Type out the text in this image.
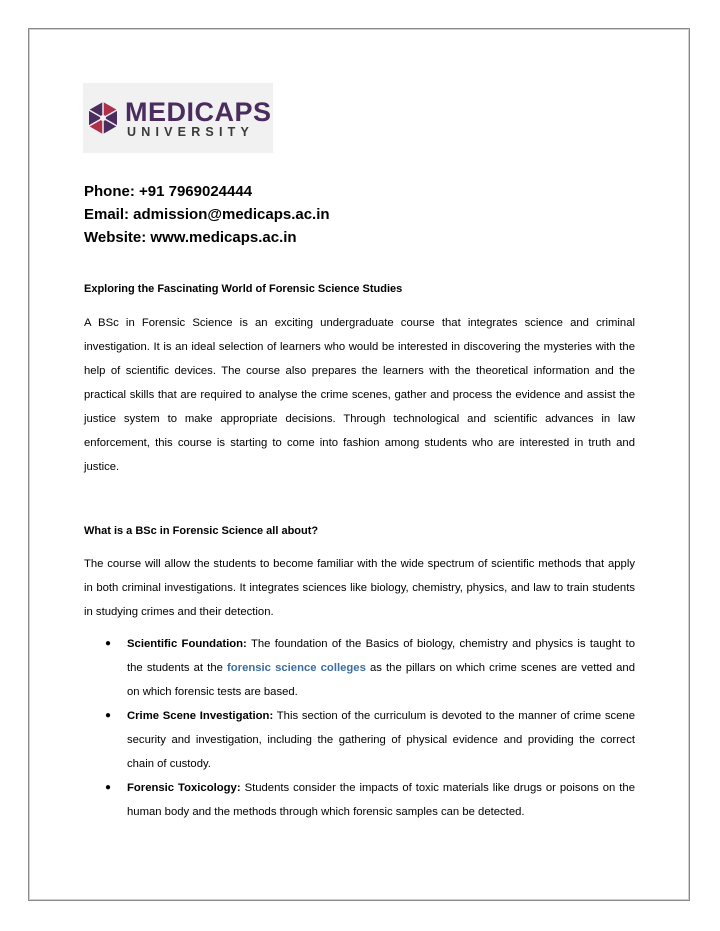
MEDICAPS
UNIVERSITY
Phone: +91 7969024444
Email: admission@medicaps.ac.in
Website: www.medicaps.ac.in
Exploring the Fascinating World of Forensic Science Studies

A BSc in Forensic Science is an exciting undergraduate course that integrates science and criminal investigation. It is an ideal selection of learners who would be interested in discovering the mysteries with the help of scientific devices. The course also prepares the learners with the theoretical information and the practical skills that are required to analyse the crime scenes, gather and process the evidence and assist the justice system to make appropriate decisions. Through technological and scientific advances in law enforcement, this course is starting to come into fashion among students who are interested in truth and justice.

What is a BSc in Forensic Science all about?

The course will allow the students to become familiar with the wide spectrum of scientific methods that apply in both criminal investigations. It integrates sciences like biology, chemistry, physics, and law to train students in studying crimes and their detection.

● Scientific Foundation: The foundation of the Basics of biology, chemistry and physics is taught to the students at the forensic science colleges as the pillars on which crime scenes are vetted and on which forensic tests are based.
● Crime Scene Investigation: This section of the curriculum is devoted to the manner of crime scene security and investigation, including the gathering of physical evidence and providing the correct chain of custody.
● Forensic Toxicology: Students consider the impacts of toxic materials like drugs or poisons on the human body and the methods through which forensic samples can be detected.
